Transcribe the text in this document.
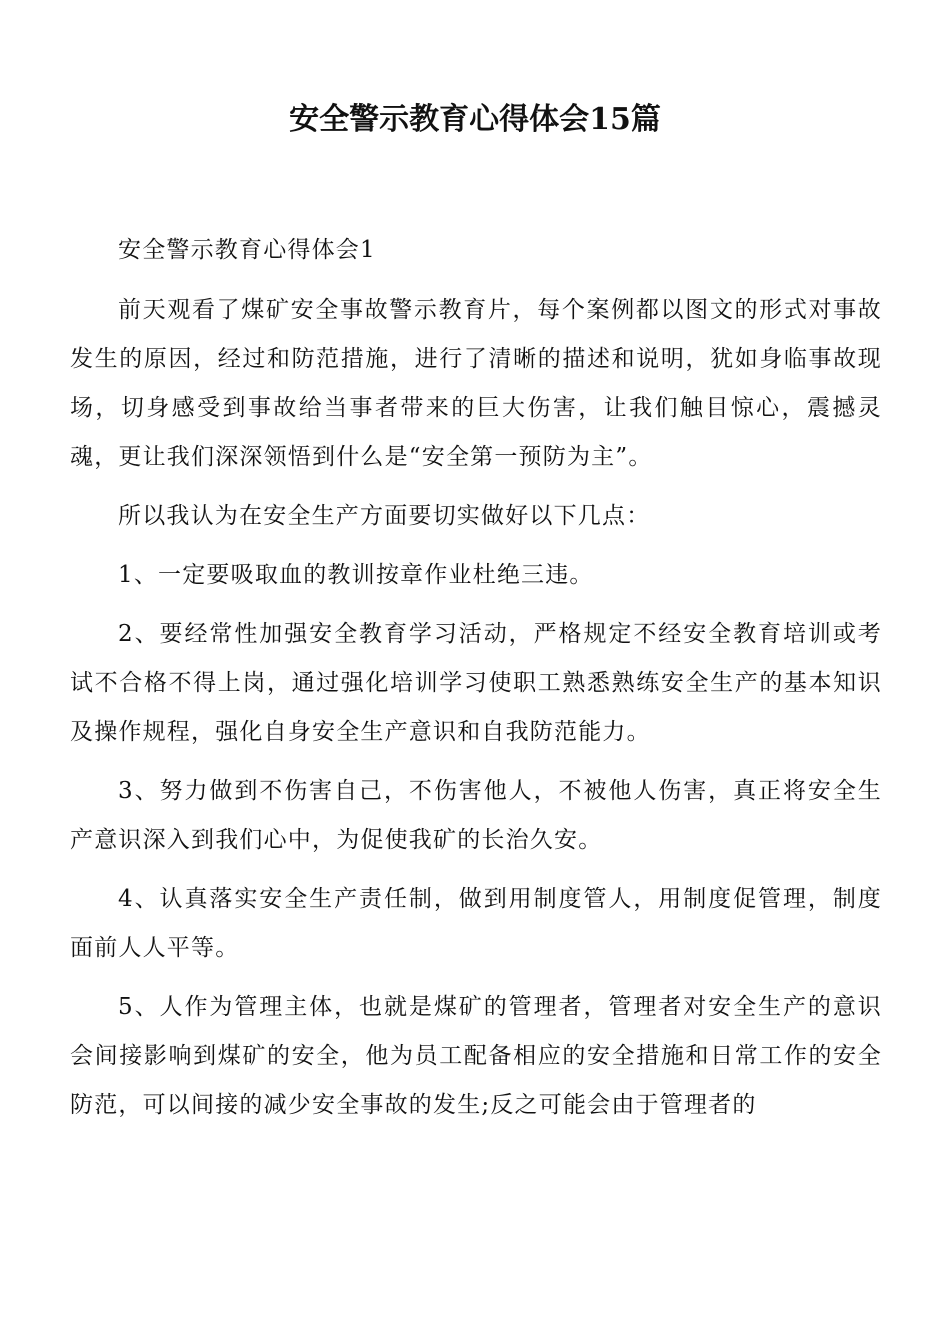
安全警示教育心得体会15篇

安全警示教育心得体会1

前天观看了煤矿安全事故警示教育片，每个案例都以图文的形式对事故发生的原因，经过和防范措施，进行了清晰的描述和说明，犹如身临事故现场，切身感受到事故给当事者带来的巨大伤害，让我们触目惊心，震撼灵魂，更让我们深深领悟到什么是“安全第一预防为主”。

所以我认为在安全生产方面要切实做好以下几点：

1、一定要吸取血的教训按章作业杜绝三违。

2、要经常性加强安全教育学习活动，严格规定不经安全教育培训或考试不合格不得上岗，通过强化培训学习使职工熟悉熟练安全生产的基本知识及操作规程，强化自身安全生产意识和自我防范能力。

3、努力做到不伤害自己，不伤害他人，不被他人伤害，真正将安全生产意识深入到我们心中，为促使我矿的长治久安。

4、认真落实安全生产责任制，做到用制度管人，用制度促管理，制度面前人人平等。

5、人作为管理主体，也就是煤矿的管理者，管理者对安全生产的意识会间接影响到煤矿的安全，他为员工配备相应的安全措施和日常工作的安全防范，可以间接的减少安全事故的发生;反之可能会由于管理者的
